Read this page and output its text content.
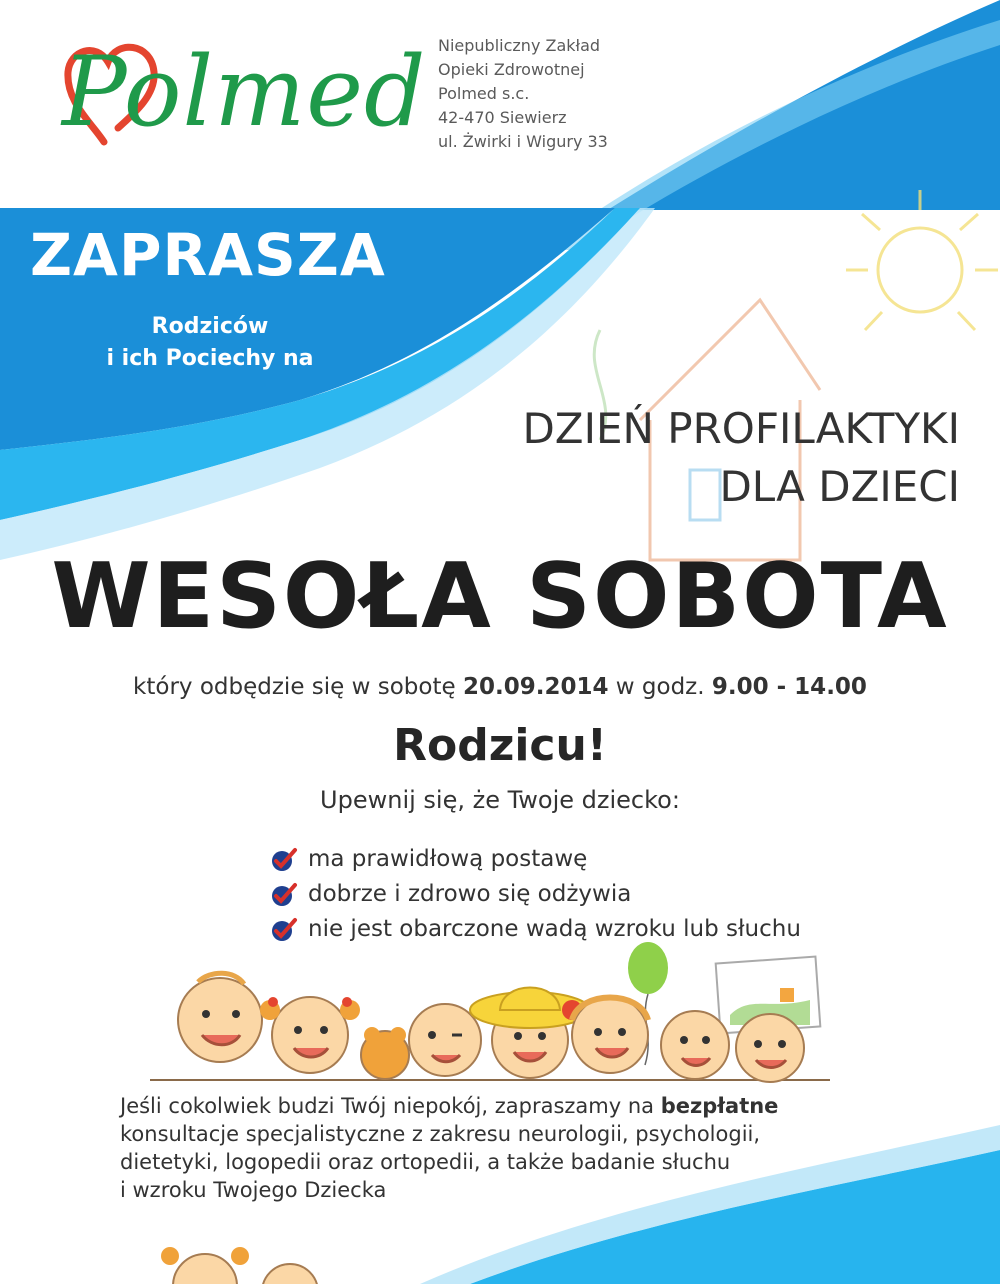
Polmed Niepubliczny Zakład
Opieki Zdrowotnej
Polmed s.c.
42-470 Siewierz
ul. Żwirki i Wigury 33
ZAPRASZA
Rodziców
i ich Pociechy na
DZIEŃ PROFILAKTYKI
DLA DZIECI
WESOŁA SOBOTA
który odbędzie się w sobotę 20.09.2014 w godz. 9.00 - 14.00
Rodzicu!
Upewnij się, że Twoje dziecko:
ma prawidłową postawę
dobrze i zdrowo się odżywia
nie jest obarczone wadą wzroku lub słuchu
Jeśli cokolwiek budzi Twój niepokój, zapraszamy na bezpłatne
konsultacje specjalistyczne z zakresu neurologii, psychologii,
dietetyki, logopedii oraz ortopedii, a także badanie słuchu
i wzroku Twojego Dziecka
